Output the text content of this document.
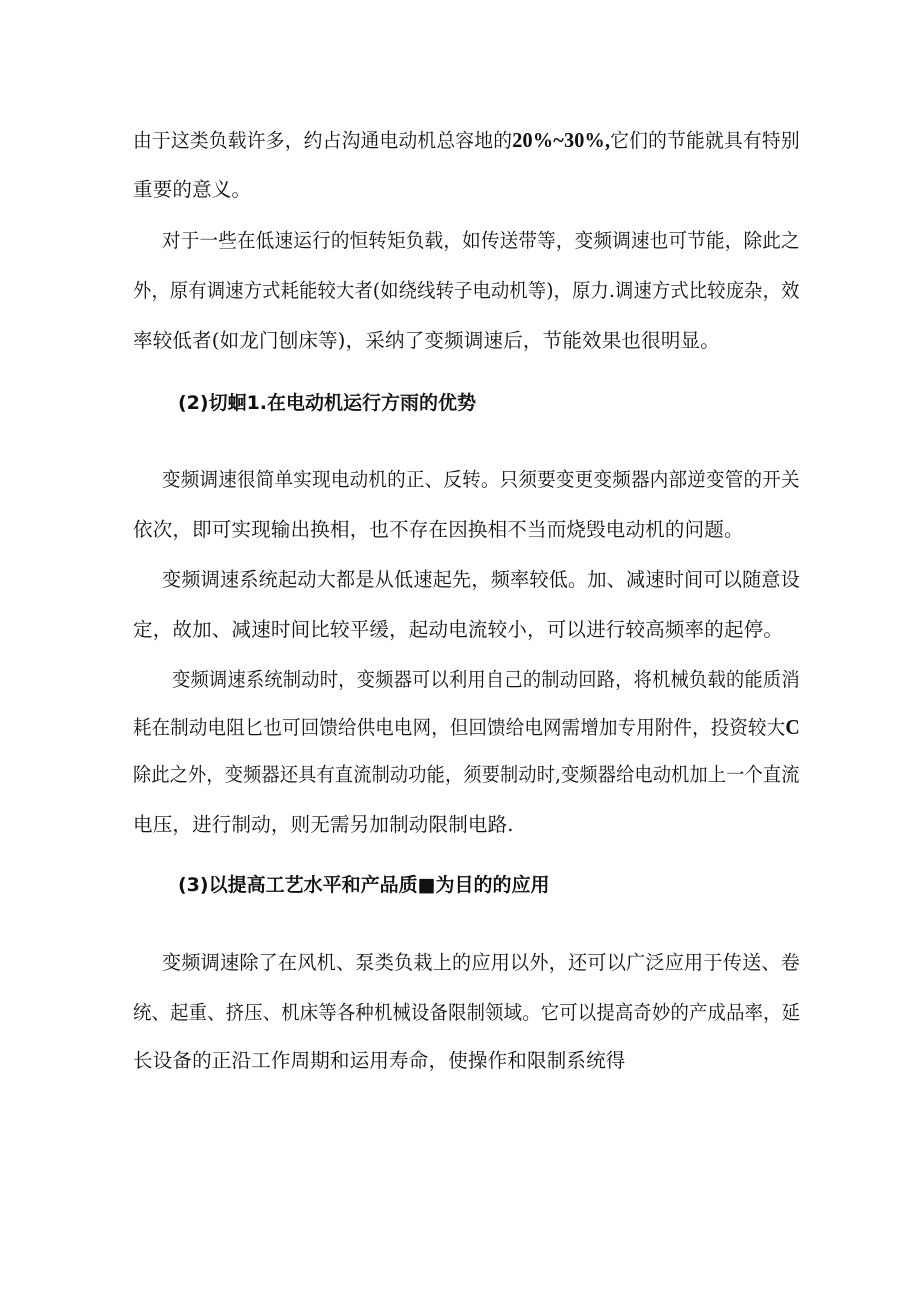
由于这类负载许多，约占沟通电动机总容地的20%~30%,它们的节能就具有特别
重要的意义。
对于一些在低速运行的恒转矩负载，如传送带等，变频调速也可节能，除此之
外，原有调速方式耗能较大者(如绕线转子电动机等)，原力.调速方式比较庞杂，效
率较低者(如龙门刨床等)，采纳了变频调速后，节能效果也很明显。
(2)切蛔1.在电动机运行方雨的优势
变频调速很简单实现电动机的正、反转。只须要变更变频器内部逆变管的开关
依次，即可实现输出换相，也不存在因换相不当而烧毁电动机的问题。
变频调速系统起动大都是从低速起先，频率较低。加、减速时间可以随意设
定，故加、减速时间比较平缓，起动电流较小，可以进行较高频率的起停。
变频调速系统制动时，变频器可以利用自己的制动回路，将机械负载的能质消
耗在制动电阻匕也可回馈给供电电网，但回馈给电网需增加专用附件，投资较大C
除此之外，变频器还具有直流制动功能，须要制动时,变频器给电动机加上一个直流
电压，进行制动，则无需另加制动限制电路.
(3)以提高工艺水平和产品质■为目的的应用
变频调速除了在风机、泵类负栽上的应用以外，还可以广泛应用于传送、卷
统、起重、挤压、机床等各种机械设备限制领域。它可以提高奇妙的产成品率，延
长设备的正沿工作周期和运用寿命，使操作和限制系统得
